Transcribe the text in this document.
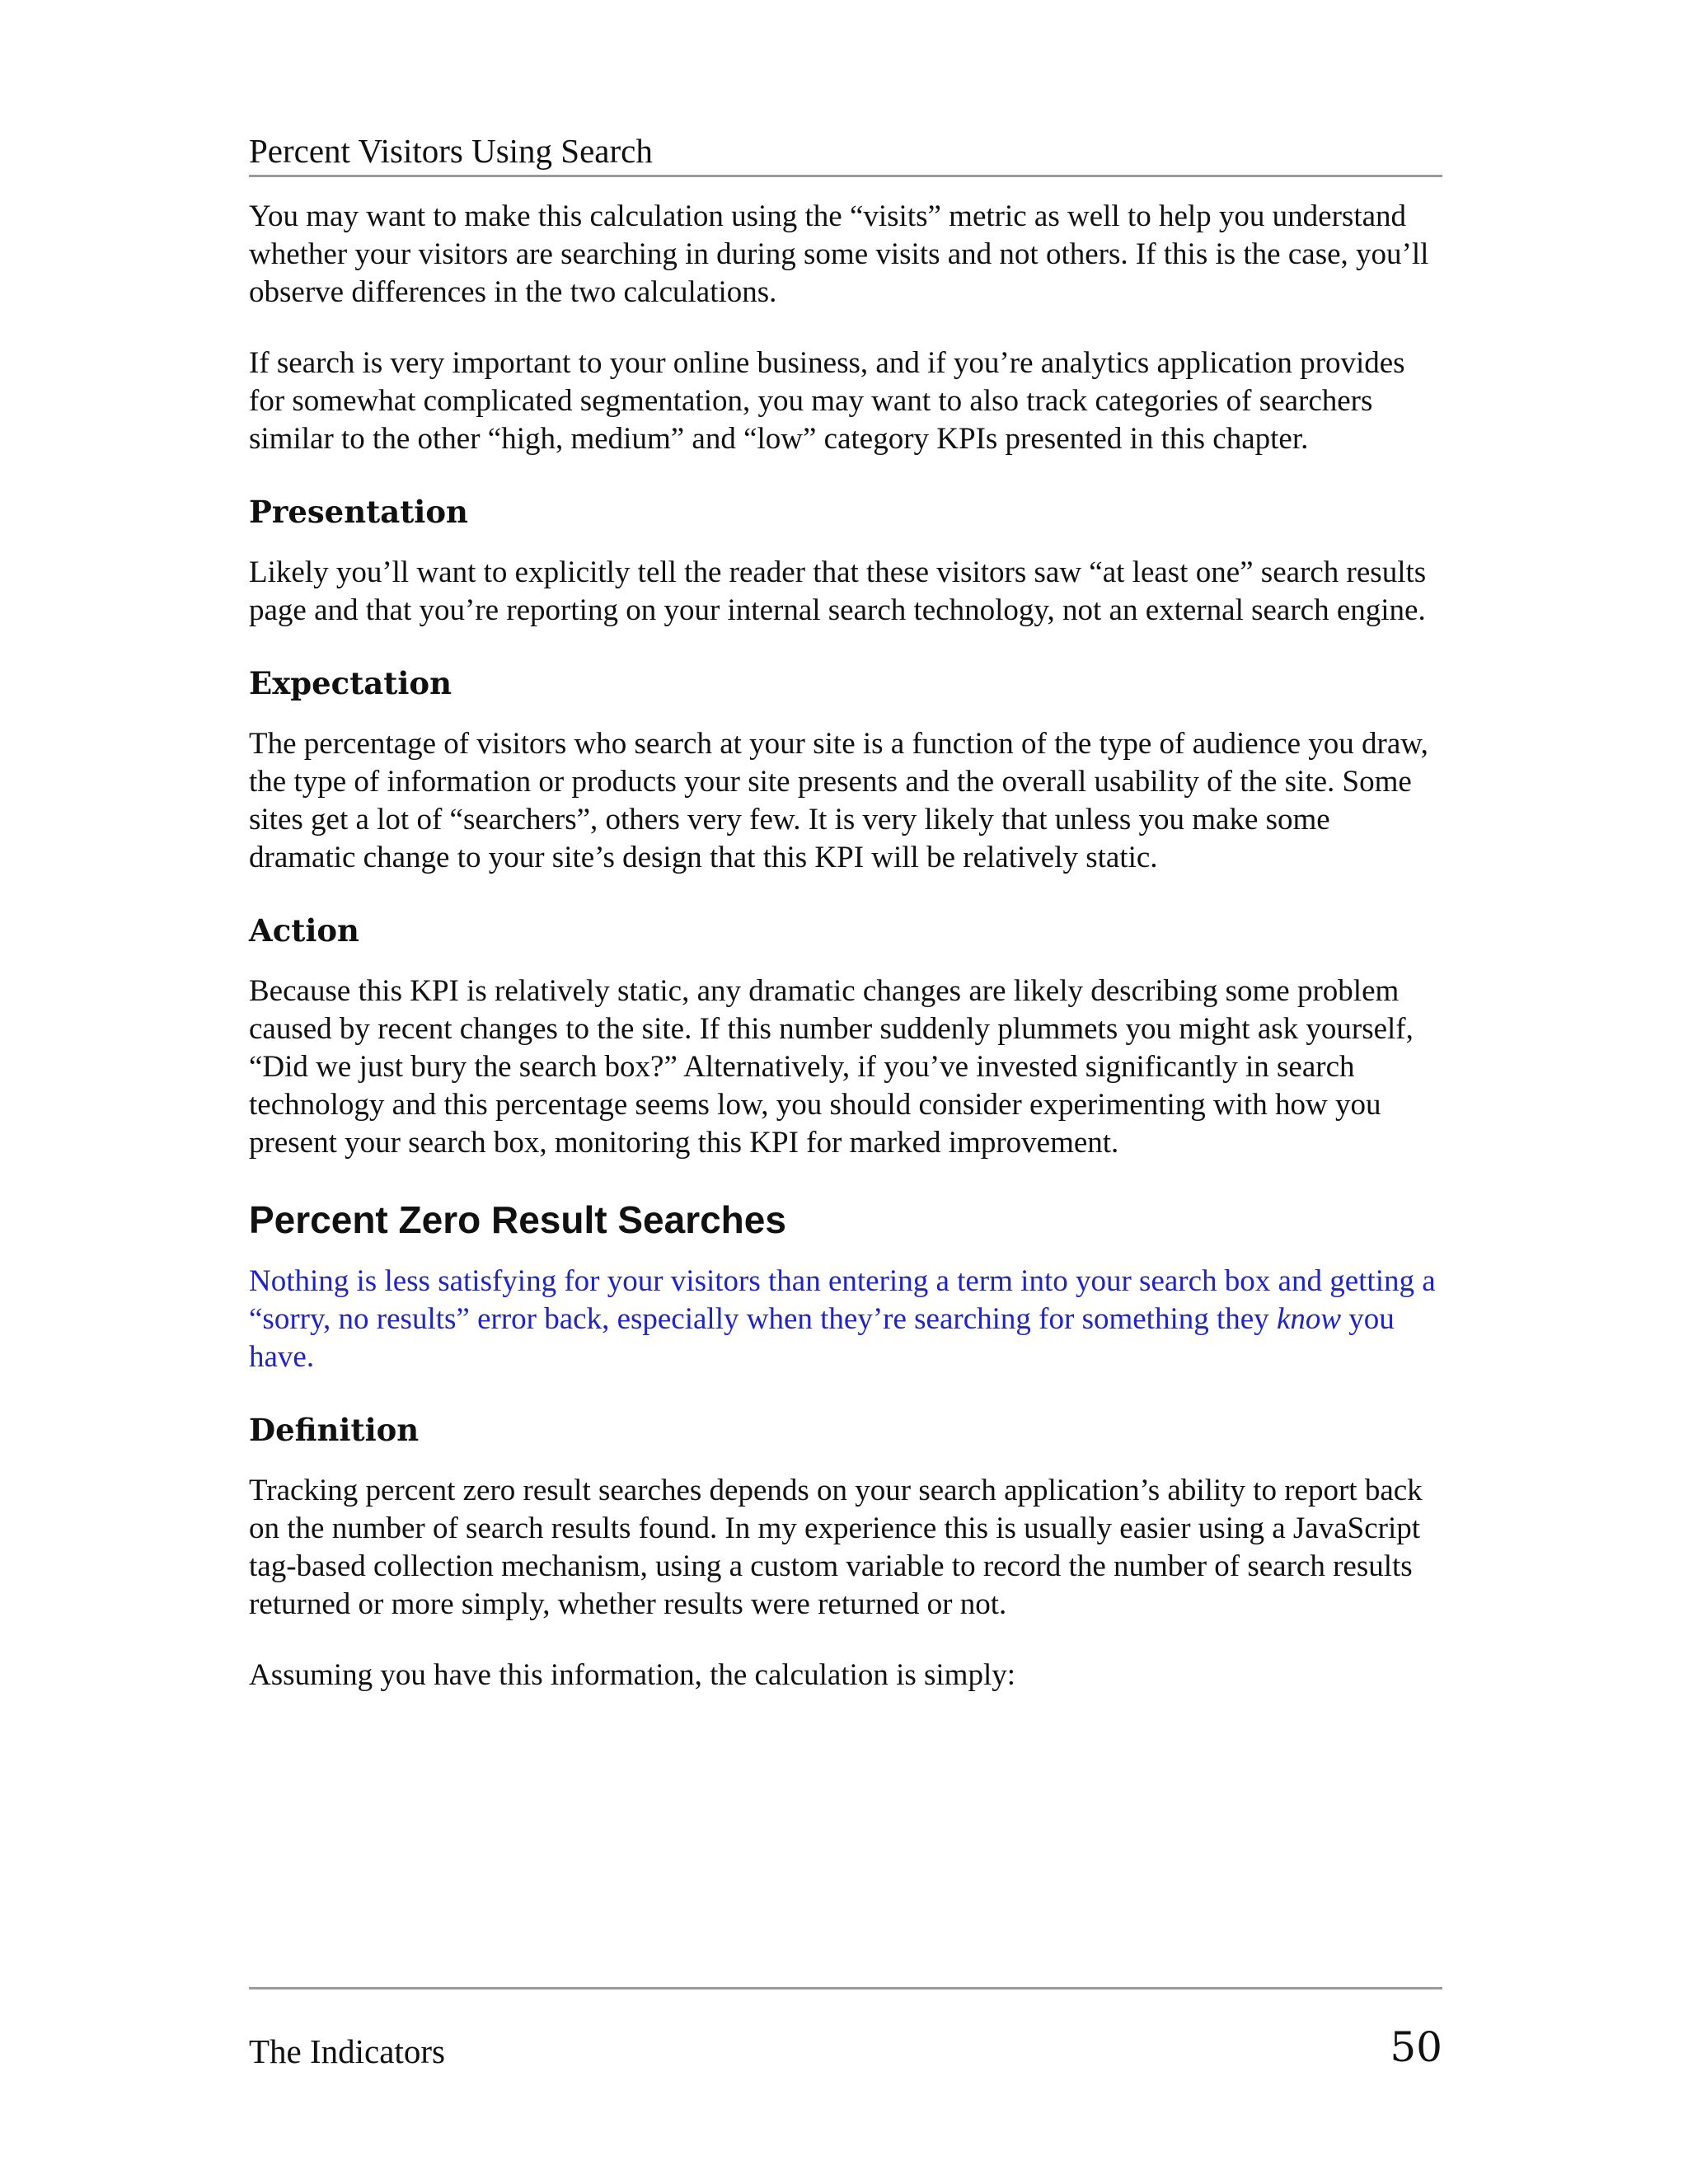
Percent Visitors Using Search

You may want to make this calculation using the “visits” metric as well to help you understand whether your visitors are searching in during some visits and not others. If this is the case, you’ll observe differences in the two calculations.

If search is very important to your online business, and if you’re analytics application provides for somewhat complicated segmentation, you may want to also track categories of searchers similar to the other “high, medium” and “low” category KPIs presented in this chapter.

Presentation

Likely you’ll want to explicitly tell the reader that these visitors saw “at least one” search results page and that you’re reporting on your internal search technology, not an external search engine.

Expectation

The percentage of visitors who search at your site is a function of the type of audience you draw, the type of information or products your site presents and the overall usability of the site. Some sites get a lot of “searchers”, others very few. It is very likely that unless you make some dramatic change to your site’s design that this KPI will be relatively static.

Action

Because this KPI is relatively static, any dramatic changes are likely describing some problem caused by recent changes to the site. If this number suddenly plummets you might ask yourself, “Did we just bury the search box?” Alternatively, if you’ve invested significantly in search technology and this percentage seems low, you should consider experimenting with how you present your search box, monitoring this KPI for marked improvement.

Percent Zero Result Searches

Nothing is less satisfying for your visitors than entering a term into your search box and getting a “sorry, no results” error back, especially when they’re searching for something they know you have.

Definition

Tracking percent zero result searches depends on your search application’s ability to report back on the number of search results found. In my experience this is usually easier using a JavaScript tag-based collection mechanism, using a custom variable to record the number of search results returned or more simply, whether results were returned or not.

Assuming you have this information, the calculation is simply:

The Indicators	50
